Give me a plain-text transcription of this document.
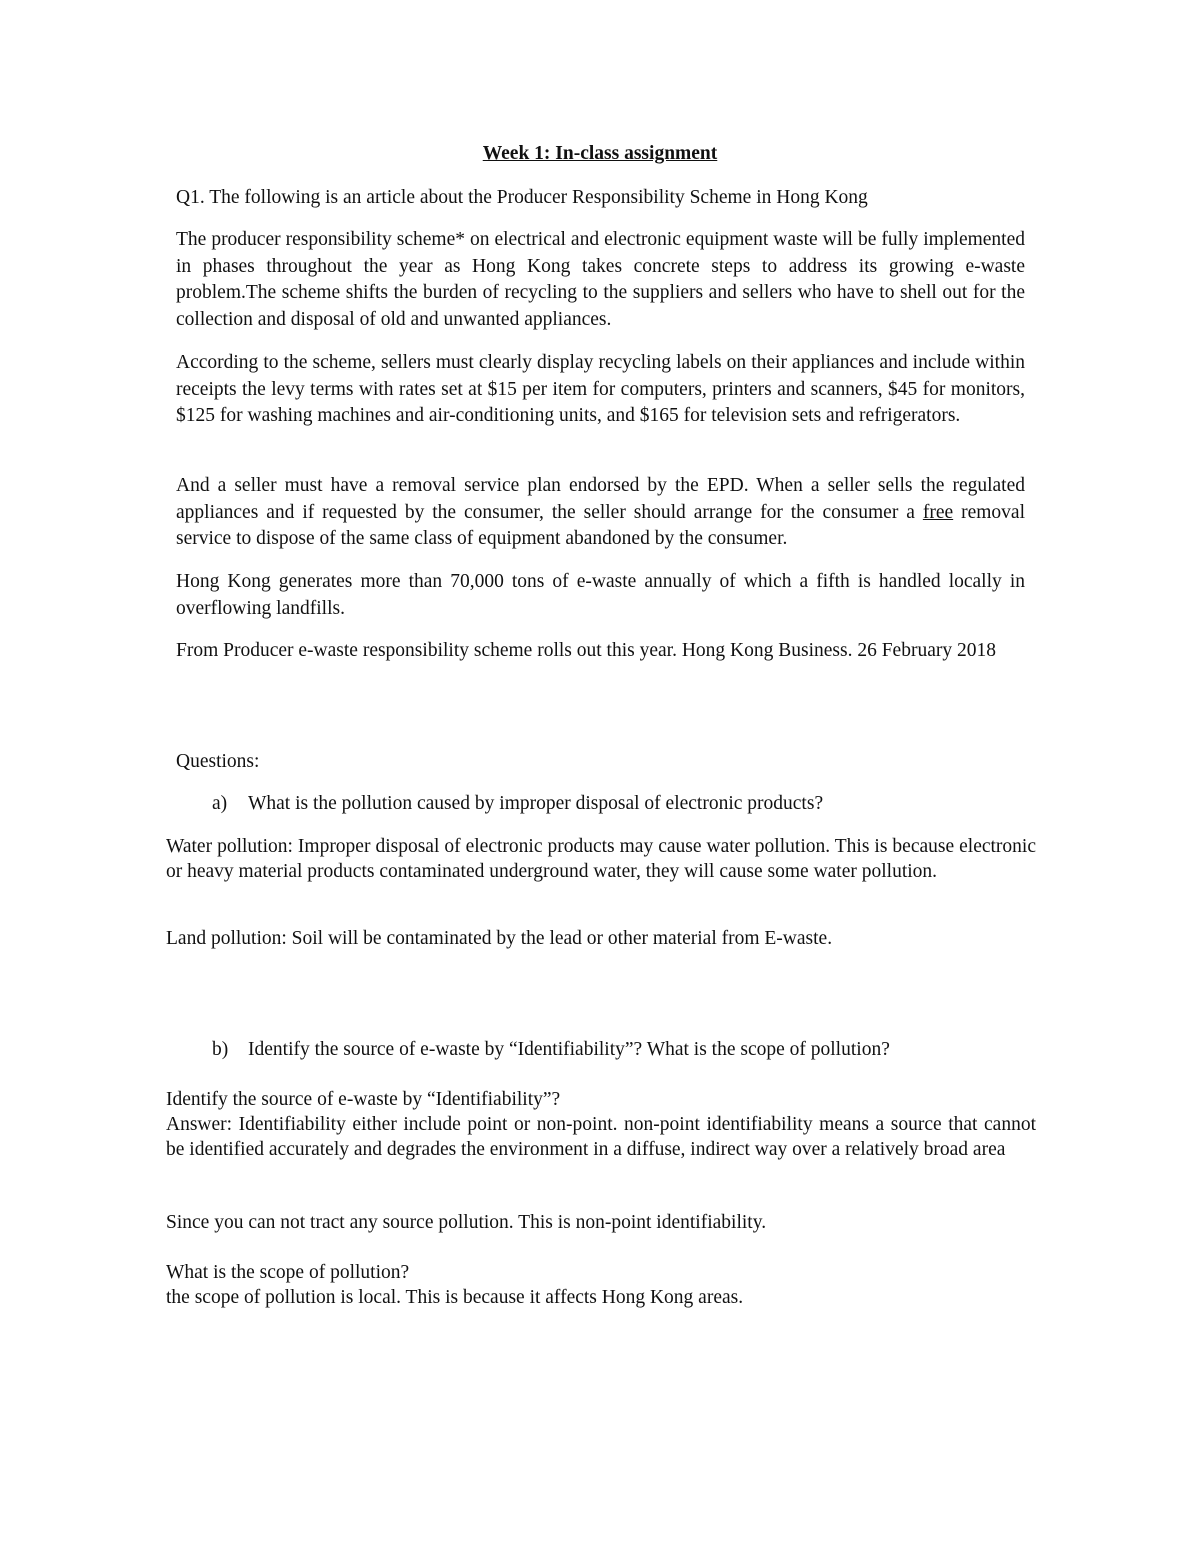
Week 1: In-class assignment

Q1. The following is an article about the Producer Responsibility Scheme in Hong Kong

The producer responsibility scheme* on electrical and electronic equipment waste will be fully implemented in phases throughout the year as Hong Kong takes concrete steps to address its growing e-waste problem.The scheme shifts the burden of recycling to the suppliers and sellers who have to shell out for the collection and disposal of old and unwanted appliances.

According to the scheme, sellers must clearly display recycling labels on their appliances and include within receipts the levy terms with rates set at $15 per item for computers, printers and scanners, $45 for monitors, $125 for washing machines and air-conditioning units, and $165 for television sets and refrigerators.

And a seller must have a removal service plan endorsed by the EPD. When a seller sells the regulated appliances and if requested by the consumer, the seller should arrange for the consumer a free removal service to dispose of the same class of equipment abandoned by the consumer.

Hong Kong generates more than 70,000 tons of e-waste annually of which a fifth is handled locally in overflowing landfills.

From Producer e-waste responsibility scheme rolls out this year. Hong Kong Business. 26 February 2018

Questions:

a) What is the pollution caused by improper disposal of electronic products?

Water pollution: Improper disposal of electronic products may cause water pollution. This is because electronic or heavy material products contaminated underground water, they will cause some water pollution.

Land pollution: Soil will be contaminated by the lead or other material from E-waste.

b) Identify the source of e-waste by “Identifiability”? What is the scope of pollution?

Identify the source of e-waste by “Identifiability”?

Answer: Identifiability either include point or non-point. non-point identifiability means a source that cannot be identified accurately and degrades the environment in a diffuse, indirect way over a relatively broad area

Since you can not tract any source pollution. This is non-point identifiability.

What is the scope of pollution?

the scope of pollution is local. This is because it affects Hong Kong areas.
